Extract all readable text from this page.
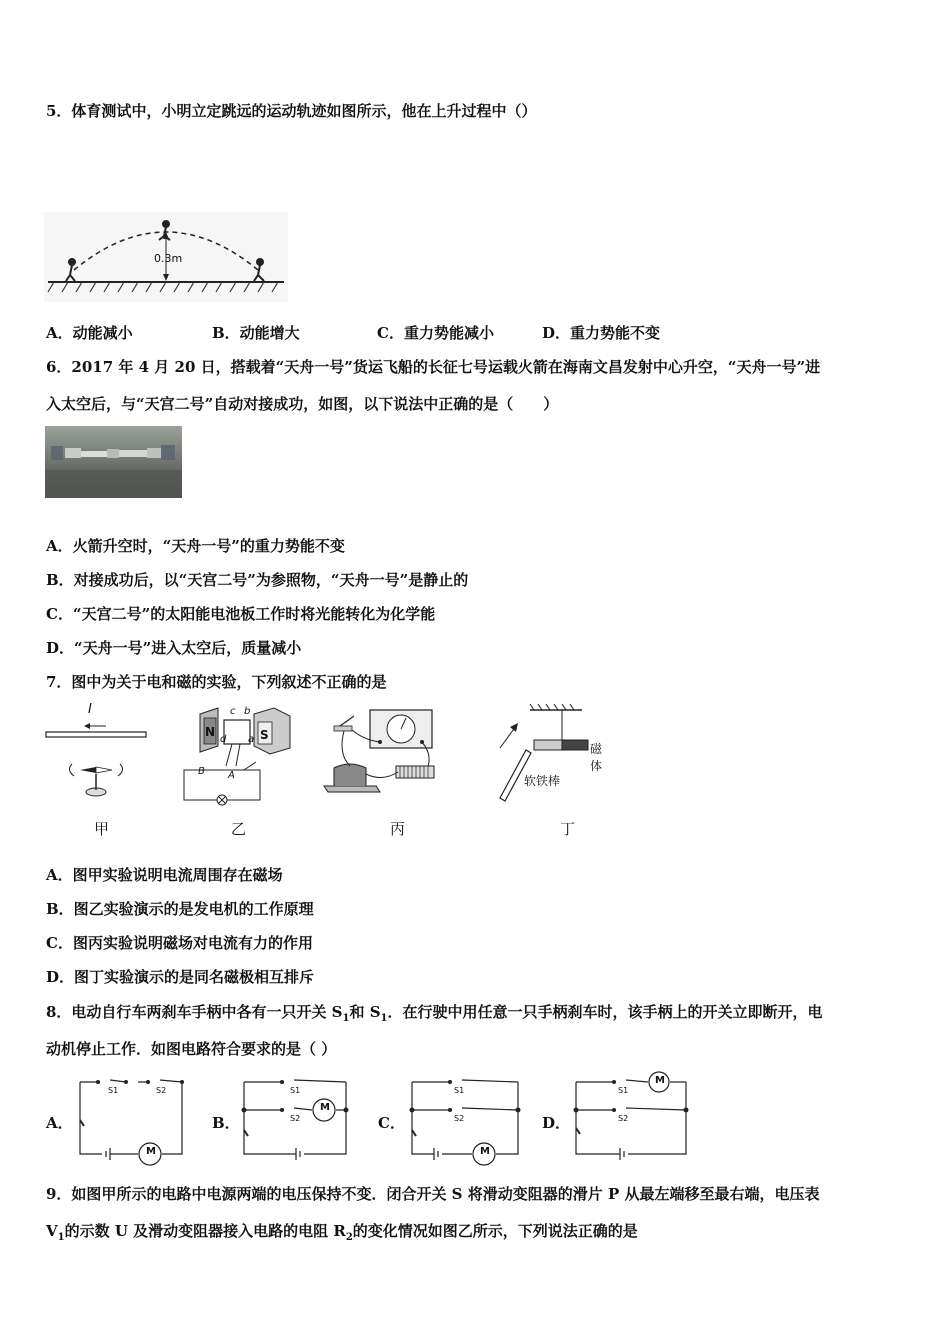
5．体育测试中，小明立定跳远的运动轨迹如图所示，他在上升过程中（）
0.3m
A．动能减小	B．动能增大	C．重力势能减小	D．重力势能不变
6．2017 年 4 月 20 日，搭载着“天舟一号”货运飞船的长征七号运载火箭在海南文昌发射中心升空，“天舟一号”进
入太空后，与“天宫二号”自动对接成功，如图，以下说法中正确的是（　　）
A．火箭升空时，“天舟一号”的重力势能不变
B．对接成功后，以“天宫二号”为参照物，“天舟一号”是静止的
C．“天宫二号”的太阳能电池板工作时将光能转化为化学能
D．“天舟一号”进入太空后，质量减小
7．图中为关于电和磁的实验，下列叙述不正确的是
I
甲
N	S
c b
a
d
B A
乙	丙
磁体
软铁棒
丁
A．图甲实验说明电流周围存在磁场
B．图乙实验演示的是发电机的工作原理
C．图丙实验说明磁场对电流有力的作用
D．图丁实验演示的是同名磁极相互排斥
8．电动自行车两刹车手柄中各有一只开关 $S_1$和 $S_1$．在行驶中用任意一只手柄刹车时，该手柄上的开关立即断开，电
动机停止工作．如图电路符合要求的是（ ）
A．
M
S1	S2
B．
M
S1
S2	C．
M
S1
S2	D．
M
S1
S2
9．如图甲所示的电路中电源两端的电压保持不变．闭合开关 S 将滑动变阻器的滑片 P 从最左端移至最右端，电压表
$V_1$的示数 U 及滑动变阻器接入电路的电阻 $R_2$的变化情况如图乙所示，下列说法正确的是
